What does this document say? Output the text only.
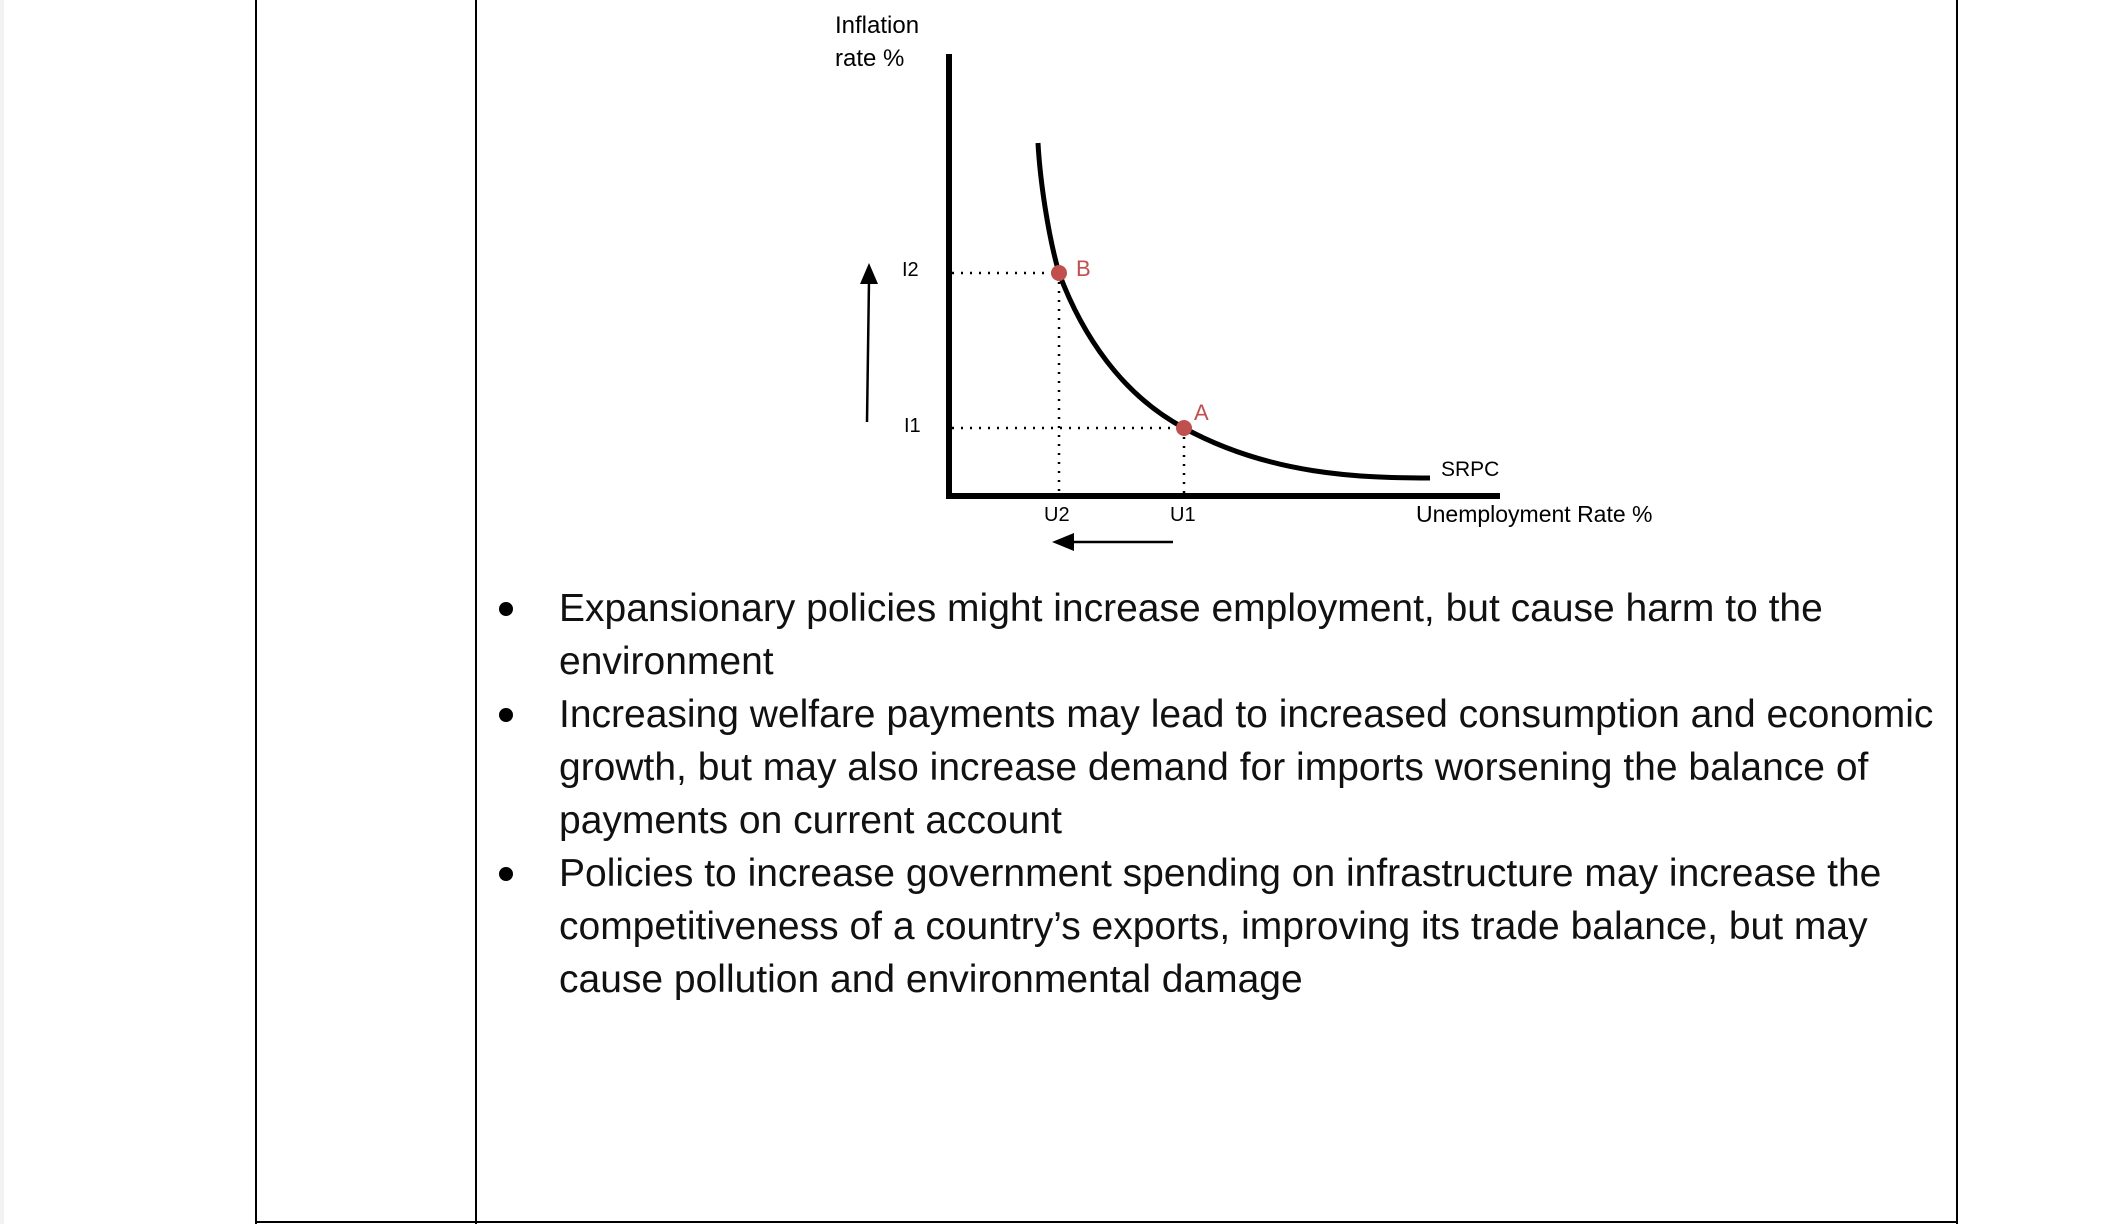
Inflation
rate %
B
A
I2
I1
U2	U1
SRPC
Unemployment Rate %
Expansionary policies might increase employment, but cause harm to the environment
Increasing welfare payments may lead to increased consumption and economic growth, but may also increase demand for imports worsening the balance of payments on current account
Policies to increase government spending on infrastructure may increase the competitiveness of a country’s exports, improving its trade balance, but may cause pollution and environmental damage
